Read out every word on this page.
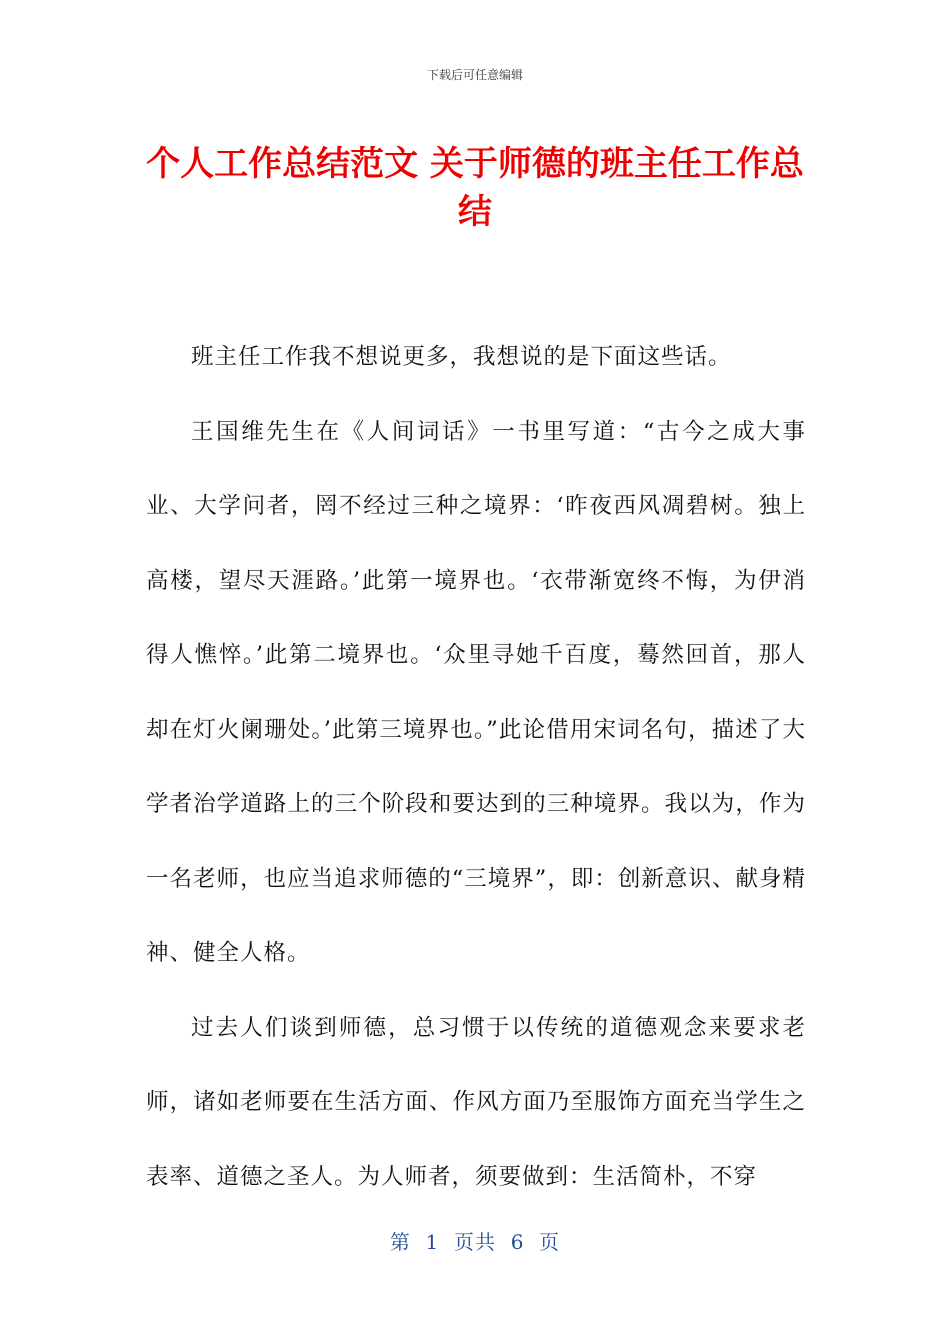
下载后可任意编辑
个人工作总结范文 关于师德的班主任工作总结

班主任工作我不想说更多，我想说的是下面这些话。

王国维先生在《人间词话》一书里写道：“古今之成大事业、大学问者，罔不经过三种之境界：‘昨夜西风凋碧树。独上高楼，望尽天涯路。’此第一境界也。‘衣带渐宽终不悔，为伊消得人憔悴。’此第二境界也。‘众里寻她千百度，蓦然回首，那人却在灯火阑珊处。’此第三境界也。”此论借用宋词名句，描述了大学者治学道路上的三个阶段和要达到的三种境界。我以为，作为一名老师，也应当追求师德的“三境界”，即：创新意识、献身精神、健全人格。

过去人们谈到师德，总习惯于以传统的道德观念来要求老师，诸如老师要在生活方面、作风方面乃至服饰方面充当学生之表率、道德之圣人。为人师者，须要做到：生活简朴，不穿

第  1  页共  6  页
